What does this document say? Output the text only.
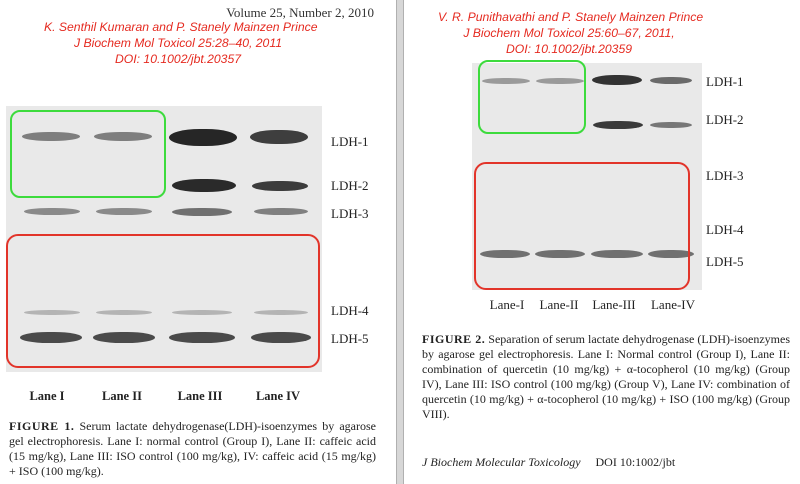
Volume 25, Number 2, 2010
K. Senthil Kumaran and P. Stanely Mainzen Prince
J Biochem Mol Toxicol 25:28–40, 2011
DOI: 10.1002/jbt.20357
LDH-1
LDH-2
LDH-3
LDH-4
LDH-5
Lane I	Lane II	Lane III	Lane IV
FIGURE 1. Serum lactate dehydrogenase(LDH)-isoenzymes by agarose gel electrophoresis. Lane I: normal control (Group I), Lane II: caffeic acid (15 mg/kg), Lane III: ISO control (100 mg/kg), IV: caffeic acid (15 mg/kg) + ISO (100 mg/kg).
V. R. Punithavathi and P. Stanely Mainzen Prince
J Biochem Mol Toxicol 25:60–67, 2011,
DOI: 10.1002/jbt.20359
LDH-1
LDH-2
LDH-3
LDH-4
LDH-5
Lane-I	Lane-II	Lane-III	Lane-IV
FIGURE 2. Separation of serum lactate dehydrogenase (LDH)-isoenzymes by agarose gel electrophoresis. Lane I: Normal control (Group I), Lane II: combination of quercetin (10 mg/kg) + α-tocopherol (10 mg/kg) (Group IV), Lane III: ISO control (100 mg/kg) (Group V), Lane IV: combination of quercetin (10 mg/kg) + α-tocopherol (10 mg/kg) + ISO (100 mg/kg) (Group VIII).
J Biochem Molecular Toxicology DOI 10:1002/jbt
